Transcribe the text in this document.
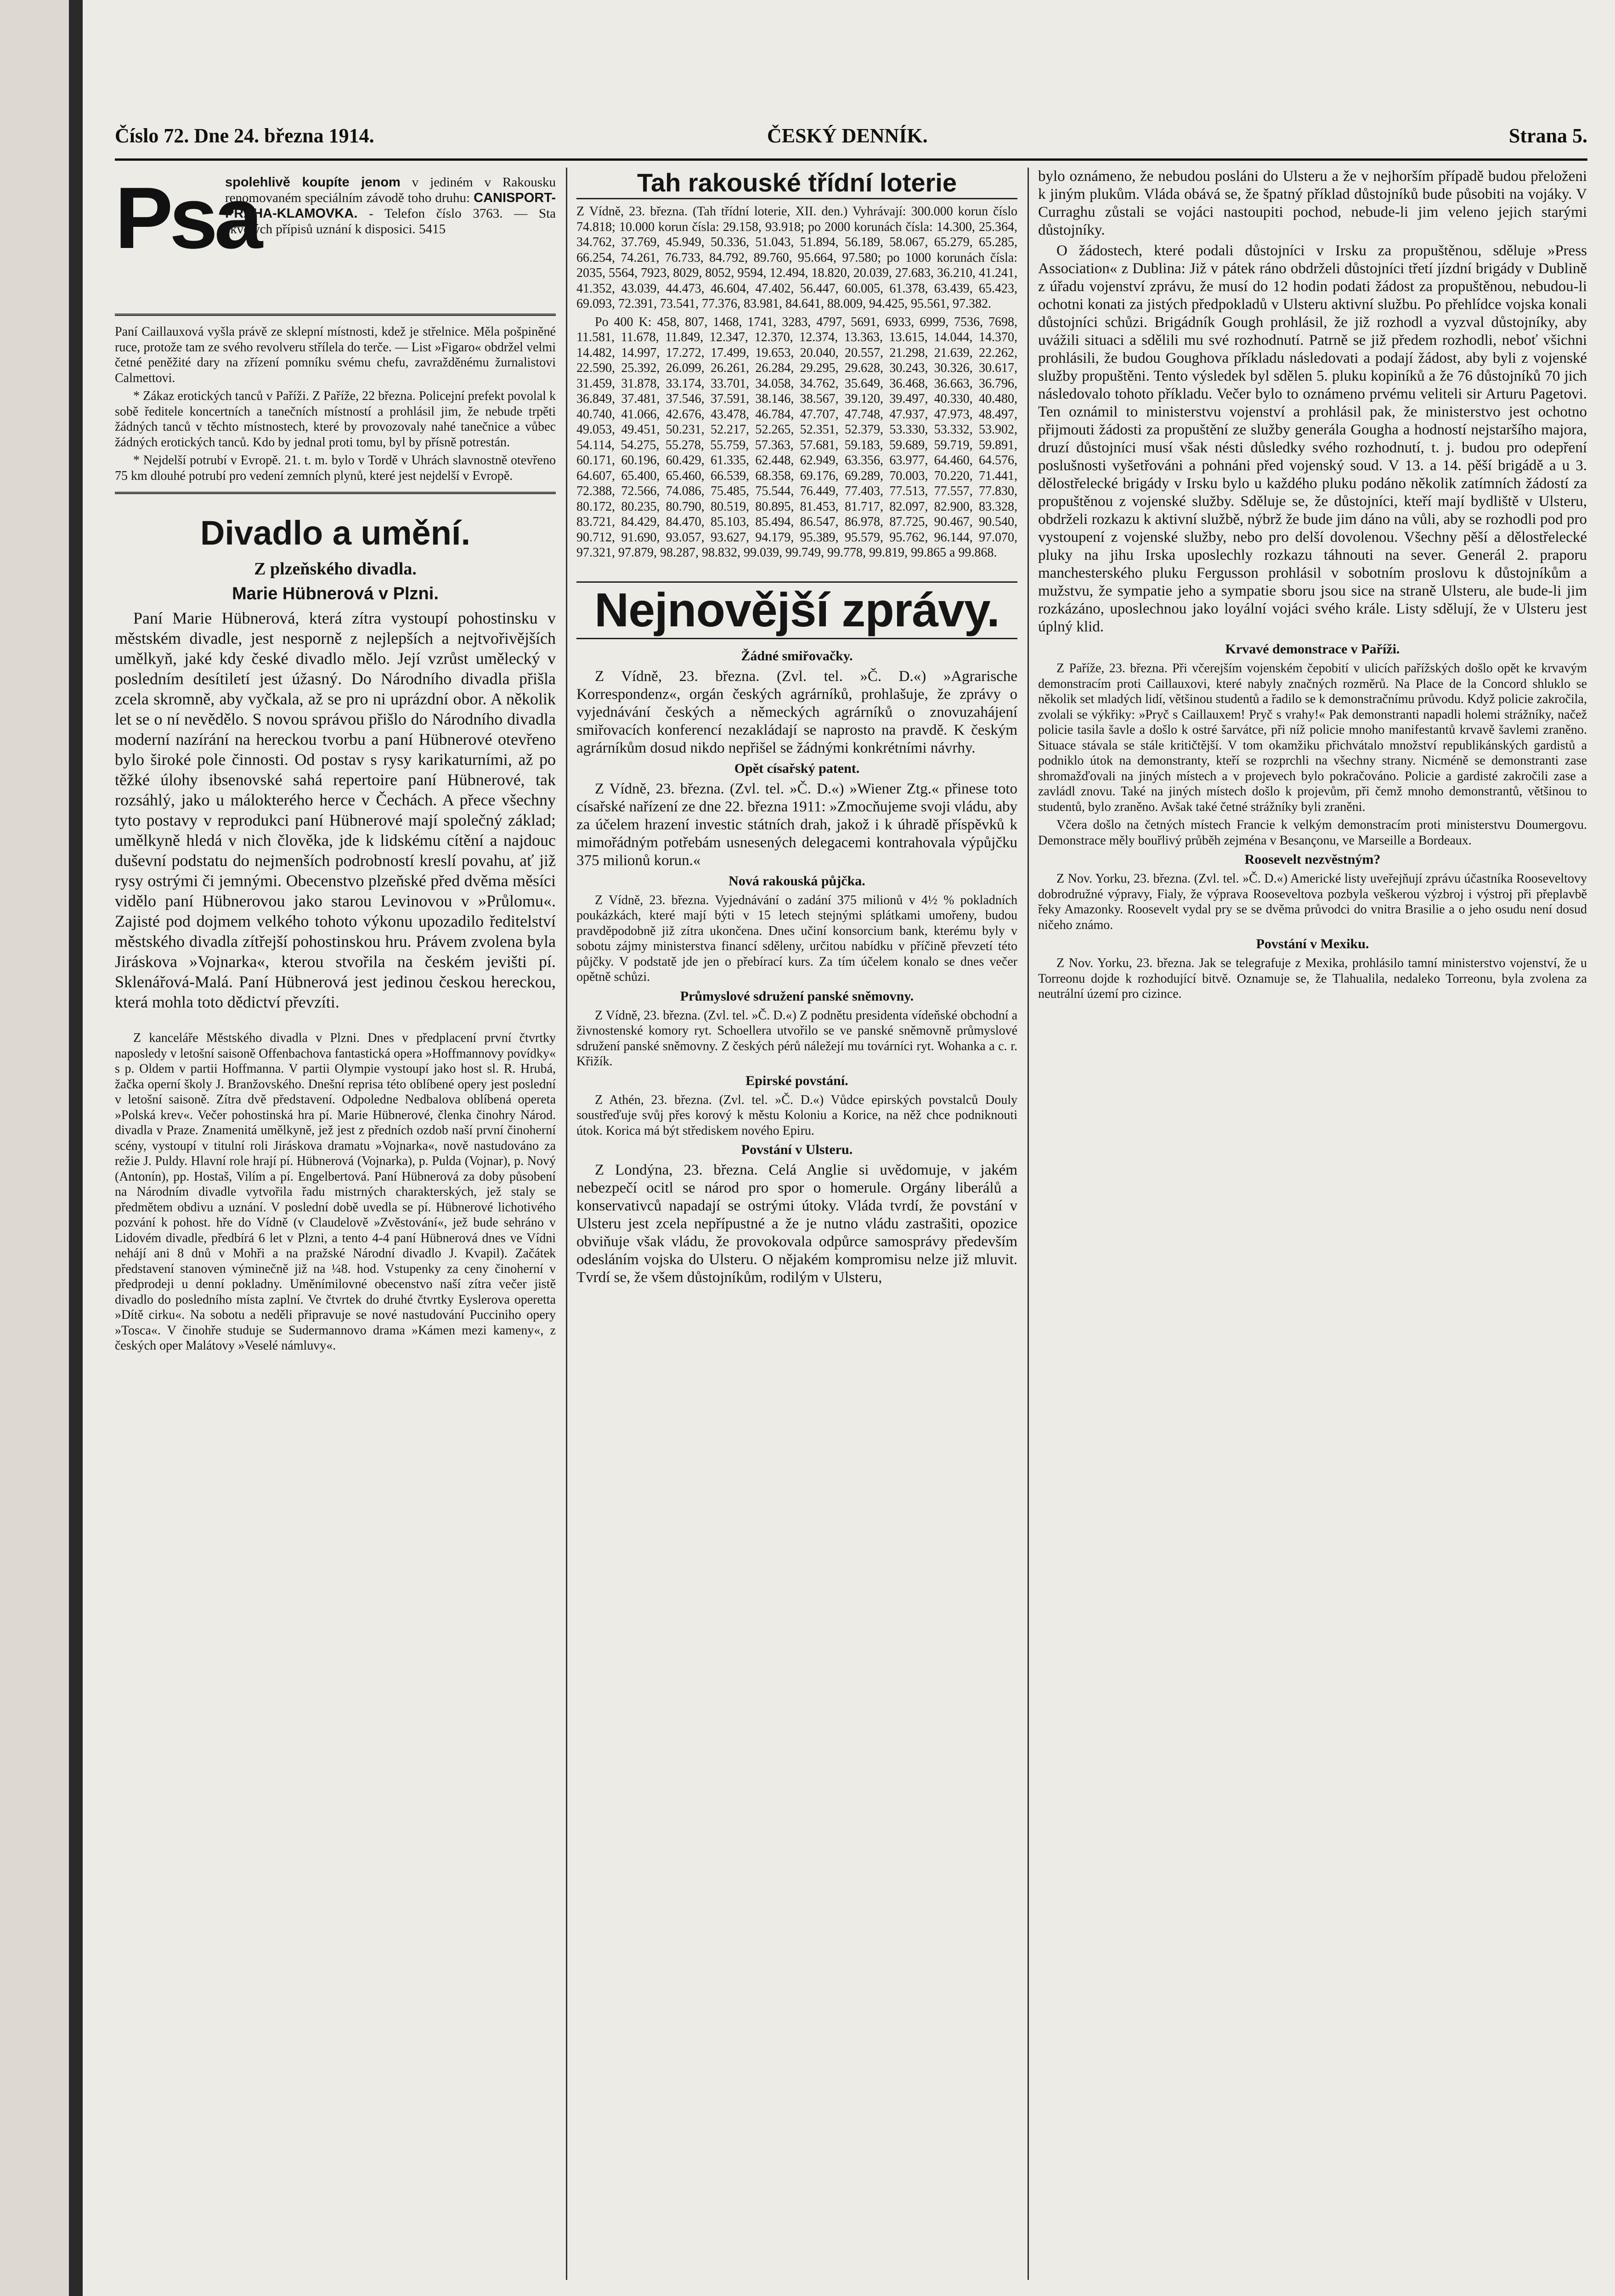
Číslo 72. Dne 24. března 1914.	ČESKÝ DENNÍK.	Strana 5.
Psa
spolehlivě koupíte jenom v jediném v Rakousku renomovaném speciálním závodě toho druhu: CANISPORT-PRAHA-KLAMOVKA. - Telefon číslo 3763. — Sta skvělých přípisů uznání k disposici. 5415

Paní Caillauxová vyšla právě ze sklepní místnosti, kdež je střelnice. Měla pošpiněné ruce, protože tam ze svého revolveru střílela do terče. — List »Figaro« obdržel velmi četné peněžité dary na zřízení pomníku svému chefu, zavražděnému žurnalistovi Calmettovi.

* Zákaz erotických tanců v Paříži. Z Paříže, 22 března. Policejní prefekt povolal k sobě ředitele koncertních a tanečních místností a prohlásil jim, že nebude trpěti žádných tanců v těchto místnostech, které by provozovaly nahé tanečnice a vůbec žádných erotických tanců. Kdo by jednal proti tomu, byl by přísně potrestán.

* Nejdelší potrubí v Evropě. 21. t. m. bylo v Tordě v Uhrách slavnostně otevřeno 75 km dlouhé potrubí pro vedení zemních plynů, které jest nejdelší v Evropě.

Divadlo a umění.
Z plzeňského divadla.
Marie Hübnerová v Plzni.

Paní Marie Hübnerová, která zítra vystoupí pohostinsku v městském divadle, jest nesporně z nejlepších a nejtvořivějších umělkyň, jaké kdy české divadlo mělo. Její vzrůst umělecký v posledním desítiletí jest úžasný. Do Národního divadla přišla zcela skromně, aby vyčkala, až se pro ni uprázdní obor. A několik let se o ní nevědělo. S novou správou přišlo do Národního divadla moderní nazírání na hereckou tvorbu a paní Hübnerové otevřeno bylo široké pole činnosti. Od postav s rysy karikaturními, až po těžké úlohy ibsenovské sahá repertoire paní Hübnerové, tak rozsáhlý, jako u málokterého herce v Čechách. A přece všechny tyto postavy v reprodukci paní Hübnerové mají společný základ; umělkyně hledá v nich člověka, jde k lidskému cítění a najdouc duševní podstatu do nejmenších podrobností kreslí povahu, ať již rysy ostrými či jemnými. Obecenstvo plzeňské před dvěma měsíci vidělo paní Hübnerovou jako starou Levinovou v »Průlomu«. Zajisté pod dojmem velkého tohoto výkonu upozadilo ředitelství městského divadla zítřejší pohostinskou hru. Právem zvolena byla Jiráskova »Vojnarka«, kterou stvořila na českém jevišti pí. Sklenářová-Malá. Paní Hübnerová jest jedinou českou hereckou, která mohla toto dědictví převzíti.

Z kanceláře Městského divadla v Plzni. Dnes v předplacení první čtvrtky naposledy v letošní saisoně Offenbachova fantastická opera »Hoffmannovy povídky« s p. Oldem v partii Hoffmanna. V partii Olympie vystoupí jako host sl. R. Hrubá, žačka operní školy J. Branžovského. Dnešní reprisa této oblíbené opery jest poslední v letošní saisoně. Zítra dvě představení. Odpoledne Nedbalova oblíbená opereta »Polská krev«. Večer pohostinská hra pí. Marie Hübnerové, členka činohry Národ. divadla v Praze. Znamenitá umělkyně, jež jest z předních ozdob naší první činoherní scény, vystoupí v titulní roli Jiráskova dramatu »Vojnarka«, nově nastudováno za režie J. Puldy. Hlavní role hrají pí. Hübnerová (Vojnarka), p. Pulda (Vojnar), p. Nový (Antonín), pp. Hostaš, Vilím a pí. Engelbertová. Paní Hübnerová za doby působení na Národním divadle vytvořila řadu mistrných charakterských, jež staly se předmětem obdivu a uznání. V poslední době uvedla se pí. Hübnerové lichotivého pozvání k pohost. hře do Vídně (v Claudelově »Zvěstování«, jež bude sehráno v Lidovém divadle, předbírá 6 let v Plzni, a tento 4-4 paní Hübnerová dnes ve Vídni nehájí ani 8 dnů v Mohři a na pražské Národní divadlo J. Kvapil). Začátek představení stanoven výminečně již na ¼8. hod. Vstupenky za ceny činoherní v předprodeji u denní pokladny. Uměnímilovné obecenstvo naší zítra večer jistě divadlo do posledního místa zaplní. Ve čtvrtek do druhé čtvrtky Eyslerova operetta »Dítě cirku«. Na sobotu a neděli připravuje se nové nastudování Pucciniho opery »Tosca«. V činohře studuje se Sudermannovo drama »Kámen mezi kameny«, z českých oper Malátovy »Veselé námluvy«.

Tah rakouské třídní loterie

Z Vídně, 23. března. (Tah třídní loterie, XII. den.) Vyhrávají: 300.000 korun číslo 74.818; 10.000 korun čísla: 29.158, 93.918; po 2000 korunách čísla: 14.300, 25.364, 34.762, 37.769, 45.949, 50.336, 51.043, 51.894, 56.189, 58.067, 65.279, 65.285, 66.254, 74.261, 76.733, 84.792, 89.760, 95.664, 97.580; po 1000 korunách čísla: 2035, 5564, 7923, 8029, 8052, 9594, 12.494, 18.820, 20.039, 27.683, 36.210, 41.241, 41.352, 43.039, 44.473, 46.604, 47.402, 56.447, 60.005, 61.378, 63.439, 65.423, 69.093, 72.391, 73.541, 77.376, 83.981, 84.641, 88.009, 94.425, 95.561, 97.382.

Po 400 K: 458, 807, 1468, 1741, 3283, 4797, 5691, 6933, 6999, 7536, 7698, 11.581, 11.678, 11.849, 12.347, 12.370, 12.374, 13.363, 13.615, 14.044, 14.370, 14.482, 14.997, 17.272, 17.499, 19.653, 20.040, 20.557, 21.298, 21.639, 22.262, 22.590, 25.392, 26.099, 26.261, 26.284, 29.295, 29.628, 30.243, 30.326, 30.617, 31.459, 31.878, 33.174, 33.701, 34.058, 34.762, 35.649, 36.468, 36.663, 36.796, 36.849, 37.481, 37.546, 37.591, 38.146, 38.567, 39.120, 39.497, 40.330, 40.480, 40.740, 41.066, 42.676, 43.478, 46.784, 47.707, 47.748, 47.937, 47.973, 48.497, 49.053, 49.451, 50.231, 52.217, 52.265, 52.351, 52.379, 53.330, 53.332, 53.902, 54.114, 54.275, 55.278, 55.759, 57.363, 57.681, 59.183, 59.689, 59.719, 59.891, 60.171, 60.196, 60.429, 61.335, 62.448, 62.949, 63.356, 63.977, 64.460, 64.576, 64.607, 65.400, 65.460, 66.539, 68.358, 69.176, 69.289, 70.003, 70.220, 71.441, 72.388, 72.566, 74.086, 75.485, 75.544, 76.449, 77.403, 77.513, 77.557, 77.830, 80.172, 80.235, 80.790, 80.519, 80.895, 81.453, 81.717, 82.097, 82.900, 83.328, 83.721, 84.429, 84.470, 85.103, 85.494, 86.547, 86.978, 87.725, 90.467, 90.540, 90.712, 91.690, 93.057, 93.627, 94.179, 95.389, 95.579, 95.762, 96.144, 97.070, 97.321, 97.879, 98.287, 98.832, 99.039, 99.749, 99.778, 99.819, 99.865 a 99.868.

Nejnovější zprávy.
Žádné smiřovačky.

Z Vídně, 23. března. (Zvl. tel. »Č. D.«) »Agrarische Korrespondenz«, orgán českých agrárníků, prohlašuje, že zprávy o vyjednávání českých a německých agrárníků o znovuzahájení smiřovacích konferencí nezakládají se naprosto na pravdě. K českým agrárníkům dosud nikdo nepřišel se žádnými konkrétními návrhy.

Opět císařský patent.

Z Vídně, 23. března. (Zvl. tel. »Č. D.«) »Wiener Ztg.« přinese toto císařské nařízení ze dne 22. března 1911: »Zmocňujeme svoji vládu, aby za účelem hrazení investic státních drah, jakož i k úhradě příspěvků k mimořádným potřebám usnesených delegacemi kontrahovala výpůjčku 375 milionů korun.«

Nová rakouská půjčka.

Z Vídně, 23. března. Vyjednávání o zadání 375 milionů v 4½ % pokladních poukázkách, které mají býti v 15 letech stejnými splátkami umořeny, budou pravděpodobně již zítra ukončena. Dnes učiní konsorcium bank, kterému byly v sobotu zájmy ministerstva financí sděleny, určitou nabídku v příčině převzetí této půjčky. V podstatě jde jen o přebírací kurs. Za tím účelem konalo se dnes večer opětně schůzi.

Průmyslové sdružení panské sněmovny.

Z Vídně, 23. března. (Zvl. tel. »Č. D.«) Z podnětu presidenta vídeňské obchodní a živnostenské komory ryt. Schoellera utvořilo se ve panské sněmovně průmyslové sdružení panské sněmovny. Z českých pérů náležejí mu továrníci ryt. Wohanka a c. r. Křižík.

Epirské povstání.

Z Athén, 23. března. (Zvl. tel. »Č. D.«) Vůdce epirských povstalců Douly soustřeďuje svůj přes korový k městu Koloniu a Korice, na něž chce podniknouti útok. Korica má být střediskem nového Epiru.

Povstání v Ulsteru.

Z Londýna, 23. března. Celá Anglie si uvědomuje, v jakém nebezpečí ocitl se národ pro spor o homerule. Orgány liberálů a konservativců napadají se ostrými útoky. Vláda tvrdí, že povstání v Ulsteru jest zcela nepřípustné a že je nutno vládu zastrašiti, opozice obviňuje však vládu, že provokovala odpůrce samosprávy především odesláním vojska do Ulsteru. O nějakém kompromisu nelze již mluvit. Tvrdí se, že všem důstojníkům, rodilým v Ulsteru,

bylo oznámeno, že nebudou posláni do Ulsteru a že v nejhorším případě budou přeloženi k jiným plukům. Vláda obává se, že špatný příklad důstojníků bude působiti na vojáky. V Curraghu zůstali se vojáci nastoupiti pochod, nebude-li jim veleno jejich starými důstojníky.

O žádostech, které podali důstojníci v Irsku za propuštěnou, sděluje »Press Association« z Dublina: Již v pátek ráno obdrželi důstojníci třetí jízdní brigády v Dublině z úřadu vojenství zprávu, že musí do 12 hodin podati žádost za propuštěnou, nebudou-li ochotni konati za jistých předpokladů v Ulsteru aktivní službu. Po přehlídce vojska konali důstojníci schůzi. Brigádník Gough prohlásil, že již rozhodl a vyzval důstojníky, aby uvážili situaci a sdělili mu své rozhodnutí. Patrně se již předem rozhodli, neboť všichni prohlásili, že budou Goughova příkladu následovati a podají žádost, aby byli z vojenské služby propuštěni. Tento výsledek byl sdělen 5. pluku kopiníků a že 76 důstojníků 70 jich následovalo tohoto příkladu. Večer bylo to oznámeno prvému veliteli sir Arturu Pagetovi. Ten oznámil to ministerstvu vojenství a prohlásil pak, že ministerstvo jest ochotno přijmouti žádosti za propuštění ze služby generála Gougha a hodností nejstaršího majora, druzí důstojníci musí však nésti důsledky svého rozhodnutí, t. j. budou pro odepření poslušnosti vyšetřováni a pohnáni před vojenský soud. V 13. a 14. pěší brigádě a u 3. dělostřelecké brigády v Irsku bylo u každého pluku podáno několik zatímních žádostí za propuštěnou z vojenské služby. Sděluje se, že důstojníci, kteří mají bydliště v Ulsteru, obdrželi rozkazu k aktivní službě, nýbrž že bude jim dáno na vůli, aby se rozhodli pod pro vystoupení z vojenské služby, nebo pro delší dovolenou. Všechny pěší a dělostřelecké pluky na jihu Irska uposlechly rozkazu táhnouti na sever. Generál 2. praporu manchesterského pluku Fergusson prohlásil v sobotním proslovu k důstojníkům a mužstvu, že sympatie jeho a sympatie sboru jsou sice na straně Ulsteru, ale bude-li jim rozkázáno, uposlechnou jako loyální vojáci svého krále. Listy sdělují, že v Ulsteru jest úplný klid.

Krvavé demonstrace v Paříži.

Z Paříže, 23. března. Při včerejším vojenském čepobití v ulicích pařížských došlo opět ke krvavým demonstracím proti Caillauxovi, které nabyly značných rozměrů. Na Place de la Concord shluklo se několik set mladých lidí, většinou studentů a řadilo se k demonstračnímu průvodu. Když policie zakročila, zvolali se výkřiky: »Pryč s Caillauxem! Pryč s vrahy!« Pak demonstranti napadli holemi strážníky, načež policie tasila šavle a došlo k ostré šarvátce, při níž policie mnoho manifestantů krvavě šavlemi zraněno. Situace stávala se stále kritičtější. V tom okamžiku přichvátalo množství republikánských gardistů a podniklo útok na demonstranty, kteří se rozprchli na všechny strany. Nicméně se demonstranti zase shromažďovali na jiných místech a v projevech bylo pokračováno. Policie a gardisté zakročili zase a zavládl znovu. Také na jiných místech došlo k projevům, při čemž mnoho demonstrantů, většinou to studentů, bylo zraněno. Avšak také četné strážníky byli zraněni.

Včera došlo na četných místech Francie k velkým demonstracím proti ministerstvu Doumergovu. Demonstrace měly bouřlivý průběh zejména v Besançonu, ve Marseille a Bordeaux.

Roosevelt nezvěstným?

Z Nov. Yorku, 23. března. (Zvl. tel. »Č. D.«) Americké listy uveřejňují zprávu účastníka Rooseveltovy dobrodružné výpravy, Fialy, že výprava Rooseveltova pozbyla veškerou výzbroj i výstroj při přeplavbě řeky Amazonky. Roosevelt vydal pry se se dvěma průvodci do vnitra Brasilie a o jeho osudu není dosud ničeho známo.

Povstání v Mexiku.

Z Nov. Yorku, 23. března. Jak se telegrafuje z Mexika, prohlásilo tamní ministerstvo vojenství, že u Torreonu dojde k rozhodující bitvě. Oznamuje se, že Tlahualila, nedaleko Torreonu, byla zvolena za neutrální území pro cizince.
